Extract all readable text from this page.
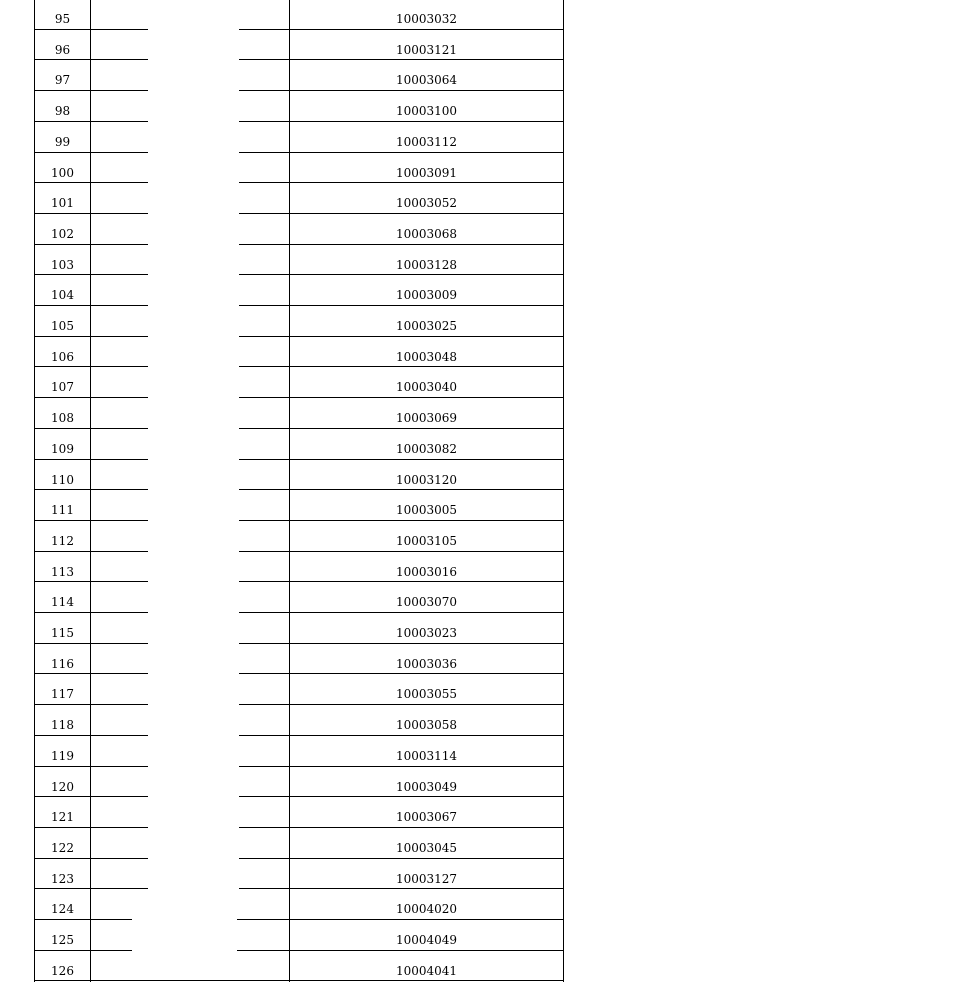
95	10003032
96	10003121
97	10003064
98	10003100
99	10003112
100	10003091
101	10003052
102	10003068
103	10003128
104	10003009
105	10003025
106	10003048
107	10003040
108	10003069
109	10003082
110	10003120
111	10003005
112	10003105
113	10003016
114	10003070
115	10003023
116	10003036
117	10003055
118	10003058
119	10003114
120	10003049
121	10003067
122	10003045
123	10003127
124	10004020
125	10004049
126	10004041
